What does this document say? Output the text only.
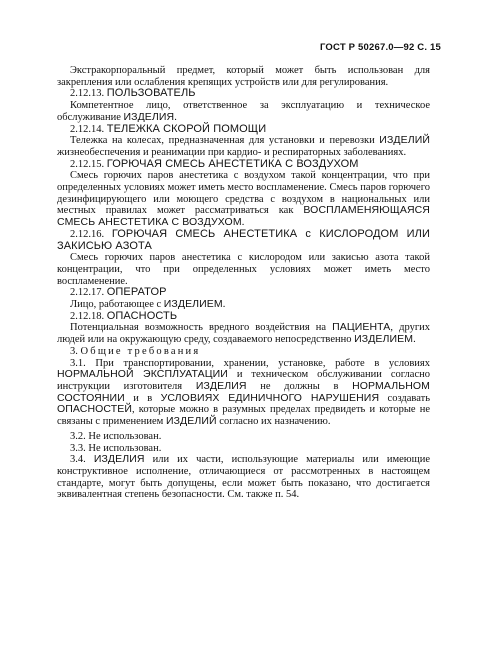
ГОСТ Р 50267.0—92 С. 15

Экстракорпоральный предмет, который может быть использован для закрепления или ослабления крепящих устройств или для регулирования.

2.12.13. ПОЛЬЗОВАТЕЛЬ

Компетентное лицо, ответственное за эксплуатацию и техническое обслуживание ИЗДЕЛИЯ.

2.12.14. ТЕЛЕЖКА СКОРОЙ ПОМОЩИ

Тележка на колесах, предназначенная для установки и перевозки ИЗДЕЛИЙ жизнеобеспечения и реанимации при кардио- и респираторных заболеваниях.

2.12.15. ГОРЮЧАЯ СМЕСЬ АНЕСТЕТИКА С ВОЗДУХОМ

Смесь горючих паров анестетика с воздухом такой концентрации, что при определенных условиях может иметь место воспламенение. Смесь паров горючего дезинфицирующего или моющего средства с воздухом в национальных или местных правилах может рассматриваться как ВОСПЛАМЕНЯЮЩАЯСЯ СМЕСЬ АНЕСТЕТИКА С ВОЗДУХОМ.

2.12.16. ГОРЮЧАЯ СМЕСЬ АНЕСТЕТИКА с КИСЛОРОДОМ ИЛИ ЗАКИСЬЮ АЗОТА

Смесь горючих паров анестетика с кислородом или закисью азота такой концентрации, что при определенных условиях может иметь место воспламенение.

2.12.17. ОПЕРАТОР

Лицо, работающее с ИЗДЕЛИЕМ.

2.12.18. ОПАСНОСТЬ

Потенциальная возможность вредного воздействия на ПАЦИЕНТА, других людей или на окружающую среду, создаваемого непосредственно ИЗДЕЛИЕМ.

3. Общие требования

3.1. При транспортировании, хранении, установке, работе в условиях НОРМАЛЬНОЙ ЭКСПЛУАТАЦИИ и техническом обслуживании согласно инструкции изготовителя ИЗДЕЛИЯ не должны в НОРМАЛЬНОМ СОСТОЯНИИ и в УСЛОВИЯХ ЕДИНИЧНОГО НАРУШЕНИЯ создавать ОПАСНОСТЕЙ, которые можно в разумных пределах предвидеть и которые не связаны с применением ИЗДЕЛИЙ согласно их назначению.

3.2. Не использован.

3.3. Не использован.

3.4. ИЗДЕЛИЯ или их части, использующие материалы или имеющие конструктивное исполнение, отличающиеся от рассмотренных в настоящем стандарте, могут быть допущены, если может быть показано, что достигается эквивалентная степень безопасности. См. также п. 54.
